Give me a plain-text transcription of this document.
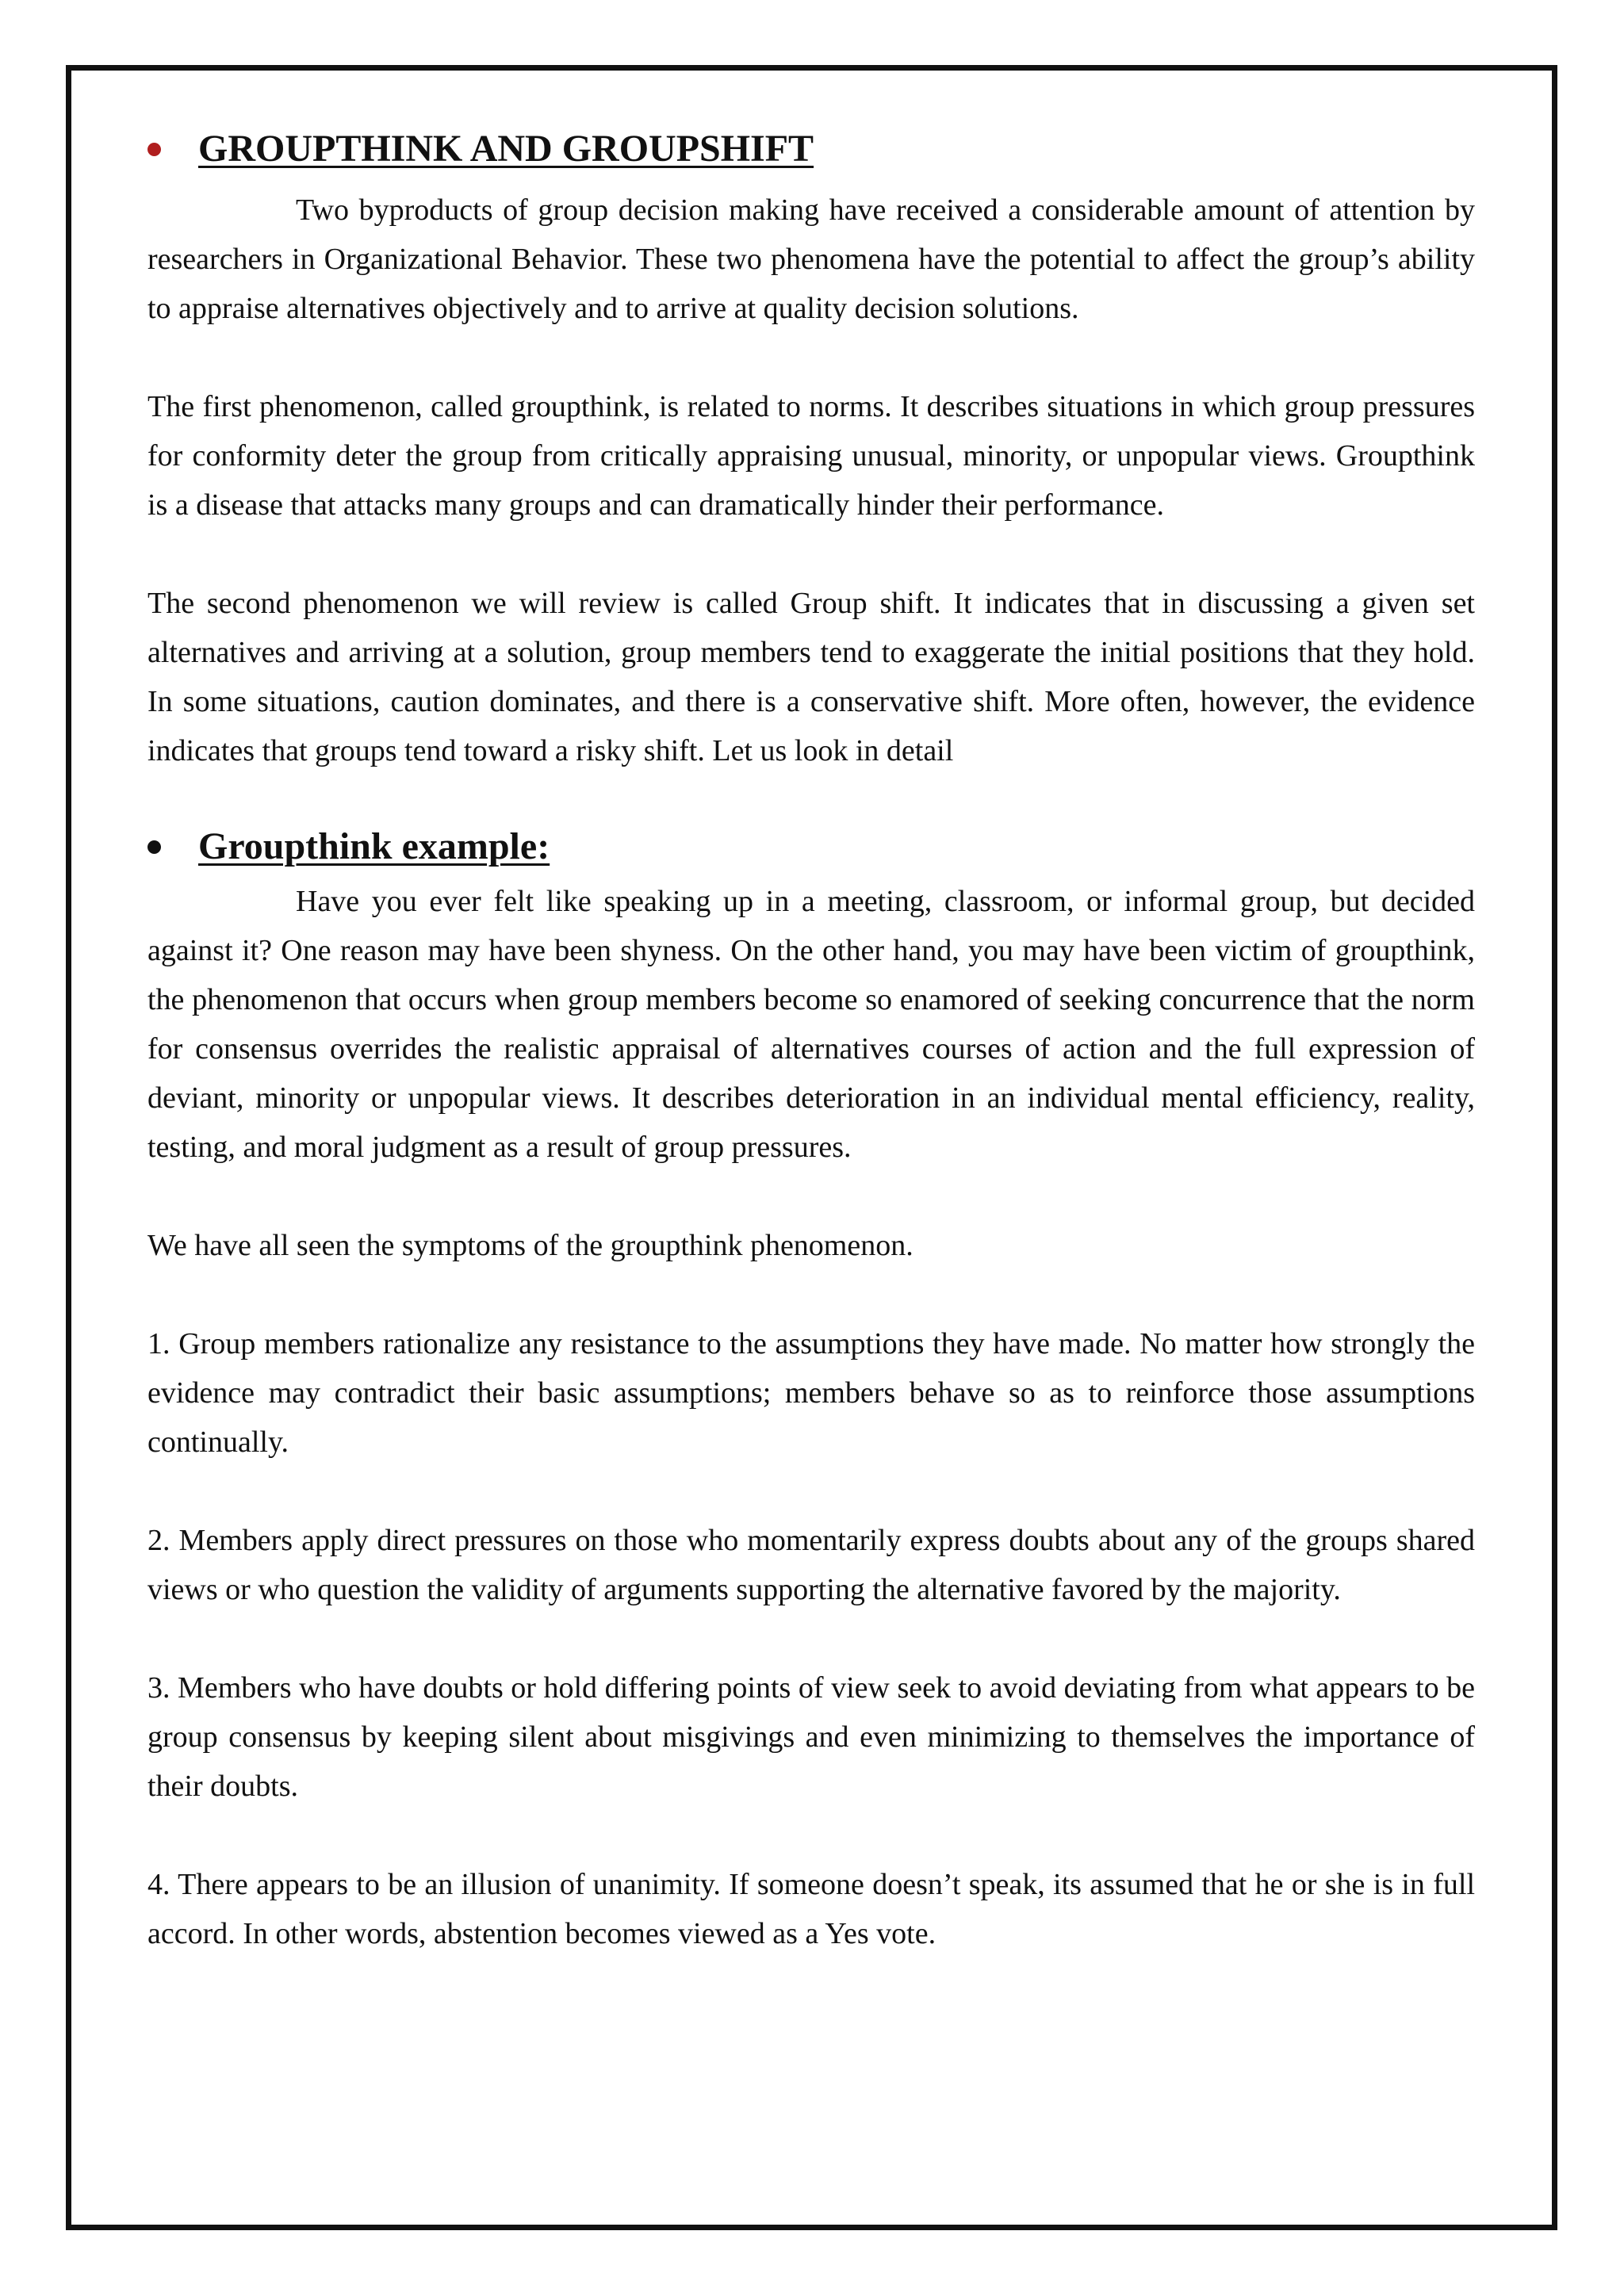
GROUPTHINK AND GROUPSHIFT

Two byproducts of group decision making have received a considerable amount of attention by researchers in Organizational Behavior. These two phenomena have the potential to affect the group’s ability to appraise alternatives objectively and to arrive at quality decision solutions.

The first phenomenon, called groupthink, is related to norms. It describes situations in which group pressures for conformity deter the group from critically appraising unusual, minority, or unpopular views. Groupthink is a disease that attacks many groups and can dramatically hinder their performance.

The second phenomenon we will review is called Group shift. It indicates that in discussing a given set alternatives and arriving at a solution, group members tend to exaggerate the initial positions that they hold. In some situations, caution dominates, and there is a conservative shift. More often, however, the evidence indicates that groups tend toward a risky shift. Let us look in detail

Groupthink example:

Have you ever felt like speaking up in a meeting, classroom, or informal group, but decided against it? One reason may have been shyness. On the other hand, you may have been victim of groupthink, the phenomenon that occurs when group members become so enamored of seeking concurrence that the norm for consensus overrides the realistic appraisal of alternatives courses of action and the full expression of deviant, minority or unpopular views. It describes deterioration in an individual mental efficiency, reality, testing, and moral judgment as a result of group pressures.

We have all seen the symptoms of the groupthink phenomenon.

1. Group members rationalize any resistance to the assumptions they have made. No matter how strongly the evidence may contradict their basic assumptions; members behave so as to reinforce those assumptions continually.

2. Members apply direct pressures on those who momentarily express doubts about any of the groups shared views or who question the validity of arguments supporting the alternative favored by the majority.

3. Members who have doubts or hold differing points of view seek to avoid deviating from what appears to be group consensus by keeping silent about misgivings and even minimizing to themselves the importance of their doubts.

4. There appears to be an illusion of unanimity. If someone doesn’t speak, its assumed that he or she is in full accord. In other words, abstention becomes viewed as a Yes vote.
